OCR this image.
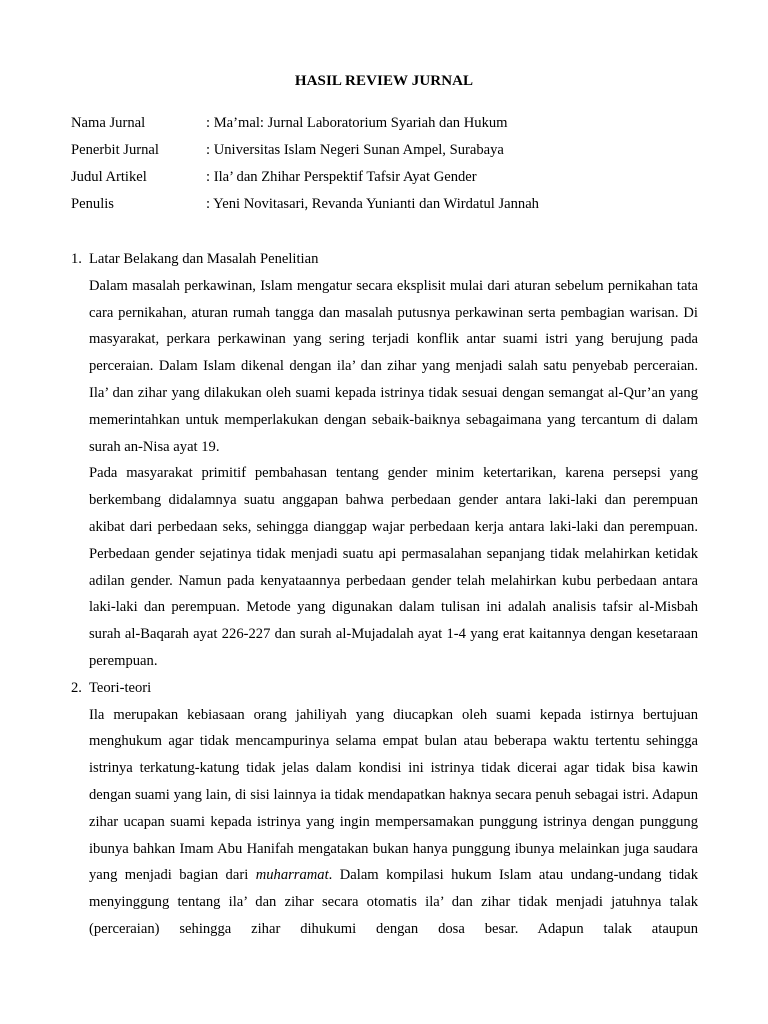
HASIL REVIEW JURNAL
Nama Jurnal	: Ma’mal: Jurnal Laboratorium Syariah dan Hukum
Penerbit Jurnal	: Universitas Islam Negeri Sunan Ampel, Surabaya
Judul Artikel	: Ila’ dan Zhihar Perspektif Tafsir Ayat Gender
Penulis	: Yeni Novitasari, Revanda Yunianti dan Wirdatul Jannah
1. Latar Belakang dan Masalah Penelitian

Dalam masalah perkawinan, Islam mengatur secara eksplisit mulai dari aturan sebelum pernikahan tata cara pernikahan, aturan rumah tangga dan masalah putusnya perkawinan serta pembagian warisan. Di masyarakat, perkara perkawinan yang sering terjadi konflik antar suami istri yang berujung pada perceraian. Dalam Islam dikenal dengan ila’ dan zihar yang menjadi salah satu penyebab perceraian. Ila’ dan zihar yang dilakukan oleh suami kepada istrinya tidak sesuai dengan semangat al-Qur’an yang memerintahkan untuk memperlakukan dengan sebaik-baiknya sebagaimana yang tercantum di dalam surah an-Nisa ayat 19.

Pada masyarakat primitif pembahasan tentang gender minim ketertarikan, karena persepsi yang berkembang didalamnya suatu anggapan bahwa perbedaan gender antara laki-laki dan perempuan akibat dari perbedaan seks, sehingga dianggap wajar perbedaan kerja antara laki-laki dan perempuan. Perbedaan gender sejatinya tidak menjadi suatu api permasalahan sepanjang tidak melahirkan ketidak adilan gender. Namun pada kenyataannya perbedaan gender telah melahirkan kubu perbedaan antara laki-laki dan perempuan. Metode yang digunakan dalam tulisan ini adalah analisis tafsir al-Misbah surah al-Baqarah ayat 226-227 dan surah al-Mujadalah ayat 1-4 yang erat kaitannya dengan kesetaraan perempuan.

2. Teori-teori

Ila merupakan kebiasaan orang jahiliyah yang diucapkan oleh suami kepada istirnya bertujuan menghukum agar tidak mencampurinya selama empat bulan atau beberapa waktu tertentu sehingga istrinya terkatung-katung tidak jelas dalam kondisi ini istrinya tidak dicerai agar tidak bisa kawin dengan suami yang lain, di sisi lainnya ia tidak mendapatkan haknya secara penuh sebagai istri. Adapun zihar ucapan suami kepada istrinya yang ingin mempersamakan punggung istrinya dengan punggung ibunya bahkan Imam Abu Hanifah mengatakan bukan hanya punggung ibunya melainkan juga saudara yang menjadi bagian dari muharramat. Dalam kompilasi hukum Islam atau undang-undang tidak menyinggung tentang ila’ dan zihar secara otomatis ila’ dan zihar tidak menjadi jatuhnya talak (perceraian) sehingga zihar dihukumi dengan dosa besar. Adapun talak ataupun
